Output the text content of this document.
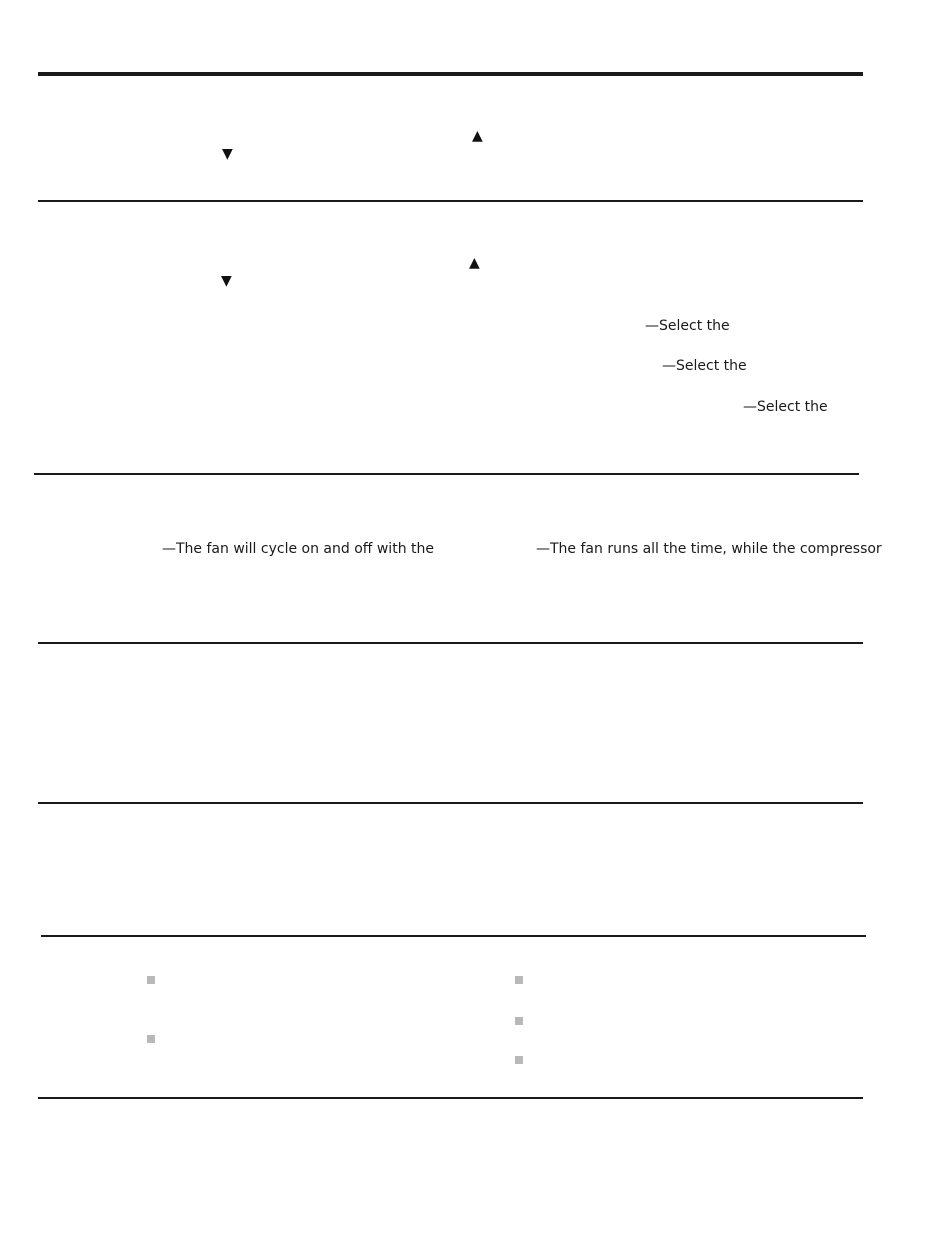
▲
▼
▲
▼
—Select the
—Select the
—Select the
—The fan will cycle on and off with the	—The fan runs all the time, while the compressor
